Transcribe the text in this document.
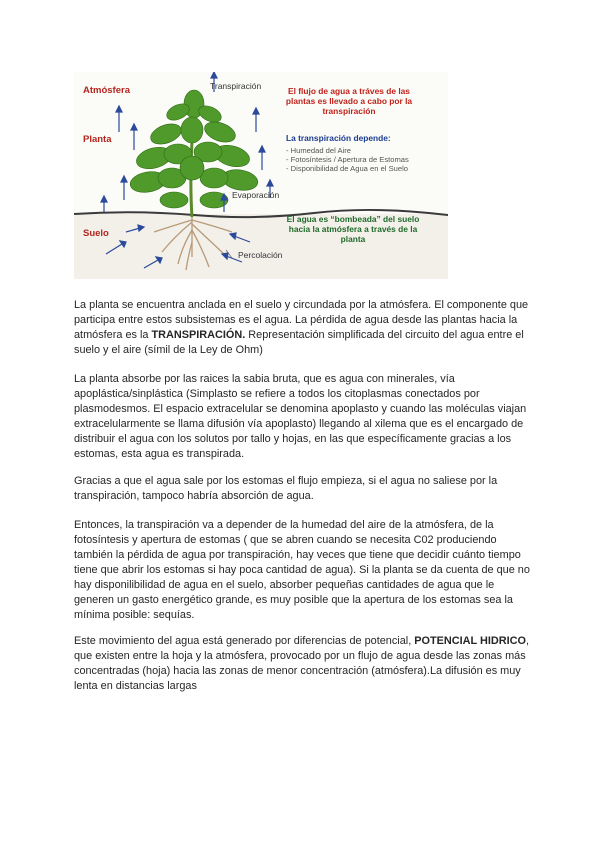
Atmósfera
Planta
Suelo
Transpiración
Evaporación
Percolación
El flujo de agua a tráves de las plantas es llevado a cabo por la transpiración
La transpiración depende:
- Humedad del Aire
- Fotosíntesis / Apertura de Estomas
- Disponibilidad de Agua en el Suelo
El agua es “bombeada” del suelo hacia la atmósfera a través de la planta

La planta se encuentra anclada en el suelo y circundada por la atmósfera. El componente que participa entre estos subsistemas es el agua. La pérdida de agua desde las plantas hacia la atmósfera es la TRANSPIRACIÓN. Representación simplificada del circuito del agua entre el suelo y el aire (símil de la Ley de Ohm)

La planta absorbe por las raices la sabia bruta, que es agua con minerales, vía apoplástica/sinplástica (Simplasto se refiere a todos los citoplasmas conectados por plasmodesmos. El espacio extracelular se denomina apoplasto y cuando las moléculas viajan extracelularmente se llama difusión vía apoplasto) llegando al xilema que es el encargado de distribuir el agua con los solutos por tallo y hojas, en las que específicamente gracias a los estomas, esta agua es transpirada.

Gracias a que el agua sale por los estomas el flujo empieza, si el agua no saliese por la transpiración, tampoco habría absorción de agua.

Entonces, la transpiración va a depender de la humedad del aire de la atmósfera, de la fotosíntesis y apertura de estomas ( que se abren cuando se necesita C02 produciendo también la pérdida de agua por transpiración, hay veces que tiene que decidir cuánto tiempo tiene que abrir los estomas si hay poca cantidad de agua). Si la planta se da cuenta de que no hay disponilibilidad de agua en el suelo, absorber pequeñas cantidades de agua que le generen un gasto energético grande, es muy posible que la apertura de los estomas sea la mínima posible: sequías.

Este movimiento del agua está generado por diferencias de potencial, POTENCIAL HIDRICO, que existen entre la hoja y la atmósfera, provocado por un flujo de agua desde las zonas más concentradas (hoja) hacia las zonas de menor concentración (atmósfera).La difusión es muy lenta en distancias largas
